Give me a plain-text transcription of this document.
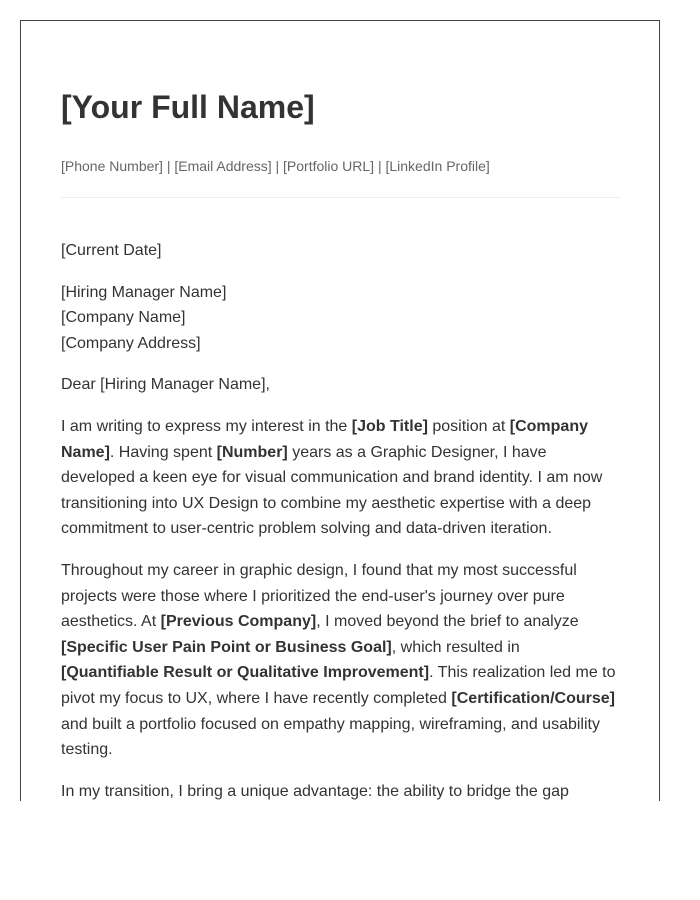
[Your Full Name]
[Phone Number] | [Email Address] | [Portfolio URL] | [LinkedIn Profile]

[Current Date]

[Hiring Manager Name]
[Company Name]
[Company Address]

Dear [Hiring Manager Name],

I am writing to express my interest in the [Job Title] position at [Company Name]. Having spent [Number] years as a Graphic Designer, I have developed a keen eye for visual communication and brand identity. I am now transitioning into UX Design to combine my aesthetic expertise with a deep commitment to user-centric problem solving and data-driven iteration.

Throughout my career in graphic design, I found that my most successful projects were those where I prioritized the end-user's journey over pure aesthetics. At [Previous Company], I moved beyond the brief to analyze [Specific User Pain Point or Business Goal], which resulted in [Quantifiable Result or Qualitative Improvement]. This realization led me to pivot my focus to UX, where I have recently completed [Certification/Course] and built a portfolio focused on empathy mapping, wireframing, and usability testing.

In my transition, I bring a unique advantage: the ability to bridge the gap
